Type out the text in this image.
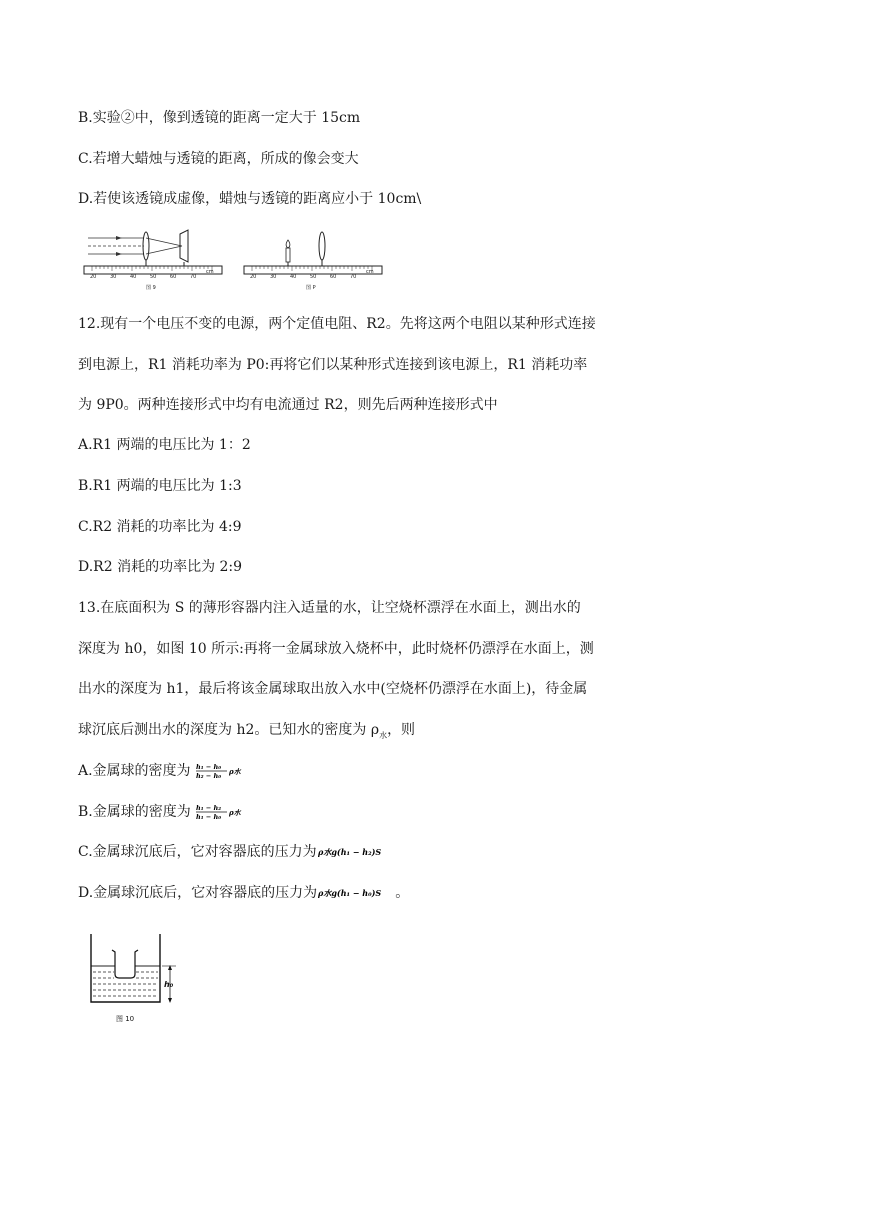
B.实验②中，像到透镜的距离一定大于 15cm
C.若增大蜡烛与透镜的距离，所成的像会变大
D.若使该透镜成虚像，蜡烛与透镜的距离应小于 10cm\
20	30	40	50	60	70
cm
图 9
20	30	40	50	60	70
cm
图 P
12.现有一个电压不变的电源，两个定值电阻、R2。先将这两个电阻以某种形式连接
到电源上，R1 消耗功率为 P0:再将它们以某种形式连接到该电源上，R1 消耗功率
为 9P0。两种连接形式中均有电流通过 R2，则先后两种连接形式中
A.R1 两端的电压比为 1：2
B.R1 两端的电压比为 1:3
C.R2 消耗的功率比为 4:9
D.R2 消耗的功率比为 2:9
13.在底面积为 S 的薄形容器内注入适量的水，让空烧杯漂浮在水面上，测出水的
深度为 h0，如图 10 所示:再将一金属球放入烧杯中，此时烧杯仍漂浮在水面上，测
出水的深度为 h1，最后将该金属球取出放入水中(空烧杯仍漂浮在水面上)，待金属
球沉底后测出水的深度为 h2。已知水的密度为 $\rho_水$，则
A.金属球的密度为 h₁ − h₀
h₂ − h₀ ρ水
B.金属球的密度为 h₁ − h₂
h₁ − h₀ ρ水
C.金属球沉底后，它对容器底的压力为 ρ水g(h₁ − h₂)S
D.金属球沉底后，它对容器底的压力为 ρ水g(h₁ − h₀)S 。
h₀
图 10
